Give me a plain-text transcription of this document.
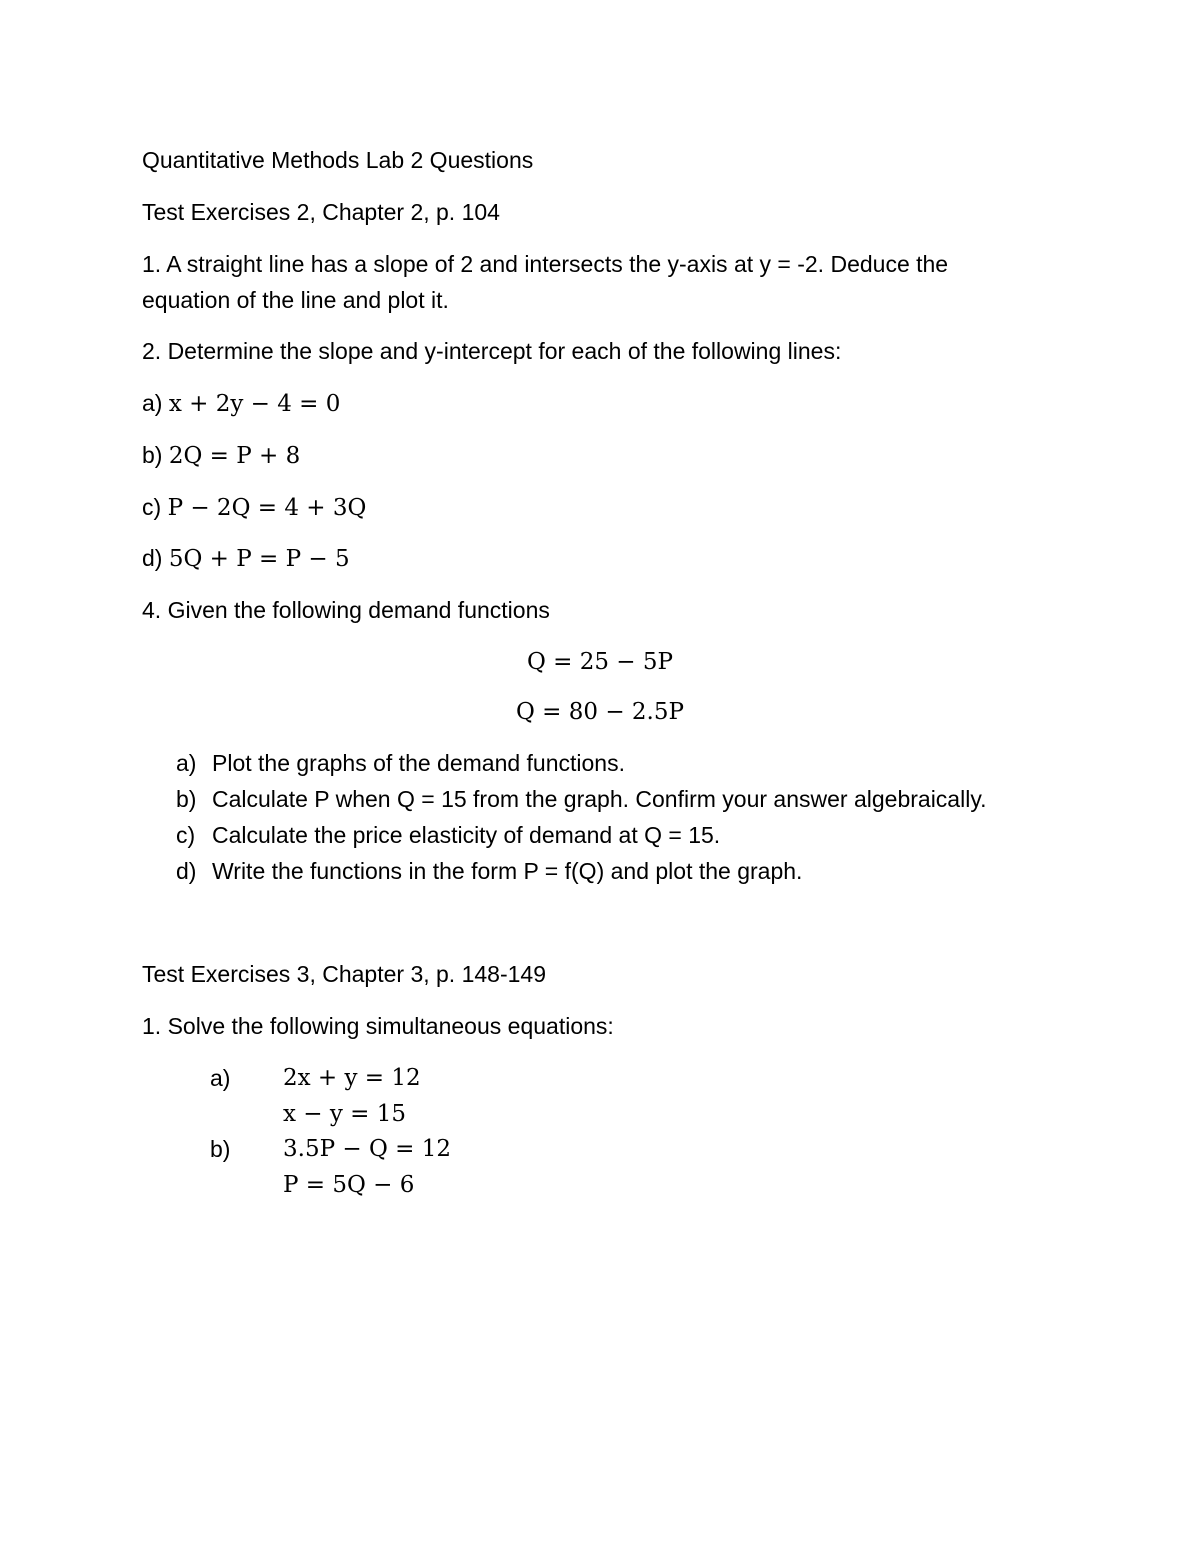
Quantitative Methods Lab 2 Questions
Test Exercises 2, Chapter 2, p. 104
1. A straight line has a slope of 2 and intersects the y-axis at y = -2. Deduce the
equation of the line and plot it.
2. Determine the slope and y-intercept for each of the following lines:
a) x + 2y − 4 = 0
b) 2Q = P + 8
c) P − 2Q = 4 + 3Q
d) 5Q + P = P − 5
4. Given the following demand functions
Q = 25 − 5P
Q = 80 − 2.5P
a) Plot the graphs of the demand functions.
b) Calculate P when Q = 15 from the graph. Confirm your answer algebraically.
c) Calculate the price elasticity of demand at Q = 15.
d) Write the functions in the form P = f(Q) and plot the graph.
Test Exercises 3, Chapter 3, p. 148-149
1. Solve the following simultaneous equations:
a) 2x + y = 12
x − y = 15
b) 3.5P − Q = 12
P = 5Q − 6
